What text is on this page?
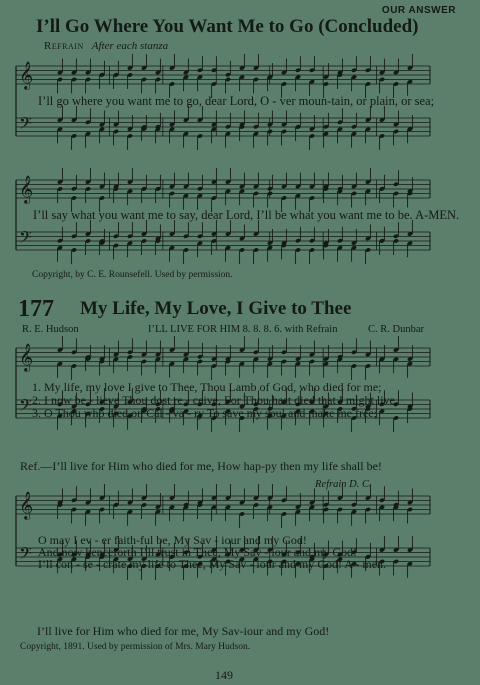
OUR ANSWER
I’ll Go Where You Want Me to Go (Concluded)
Refrain After each stanza
𝄞
𝄢
I’ll go where you want me to go, dear Lord, O - ver moun-tain, or plain, or sea;
𝄞
𝄢
I’ll say what you want me to say, dear Lord, I’ll be what you want me to be. A-MEN.
Copyright, by C. E. Rounsefell. Used by permission.
177 My Life, My Love, I Give to Thee
R. E. Hudson	I’LL LIVE FOR HIM 8. 8. 8. 6. with Refrain	C. R. Dunbar
𝄞
𝄢
1. My life, my love I give to Thee, Thou Lamb of God, who died for me;
2. I now be - lieve Thou dost re - ceive, For Thou hast died that I might live,
3. O Thou who died on Cal - va - ry To save my soul and make me free;
Ref.—I’ll live for Him who died for me, How hap-py then my life shall be!
Refrain D. C.
𝄞
𝄢
O may I ev - er faith-ful be, My Sav - iour and my God!
And now henceforth I’ll trust in Thee, My Sav - iour and my God!
I’ll con - se - crate my life to Thee, My Sav - iour and my God! A - men.
I’ll live for Him who died for me, My Sav-iour and my God!
Copyright, 1891. Used by permission of Mrs. Mary Hudson.
149
